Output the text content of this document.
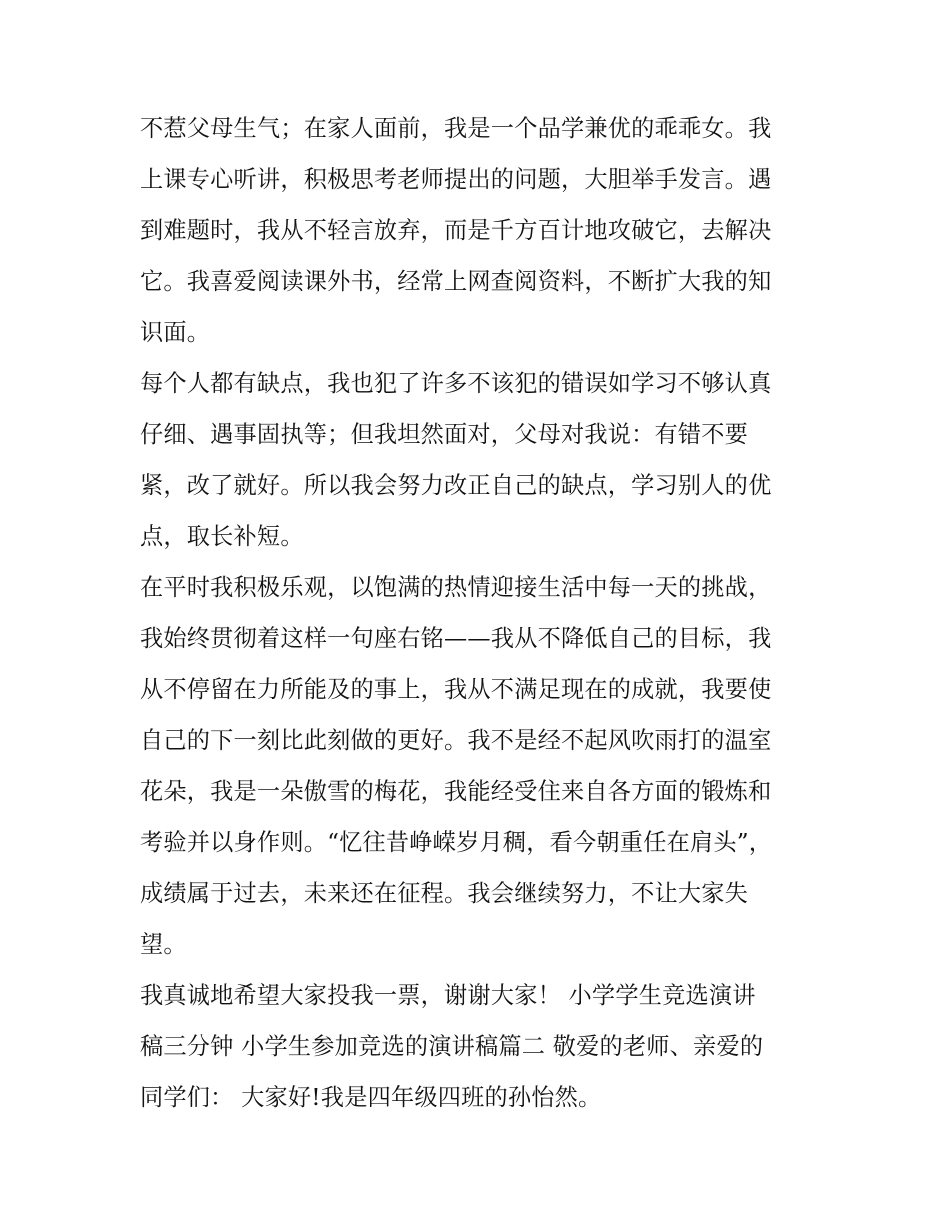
不惹父母生气；在家人面前，我是一个品学兼优的乖乖女。我
上课专心听讲，积极思考老师提出的问题，大胆举手发言。遇
到难题时，我从不轻言放弃，而是千方百计地攻破它，去解决
它。我喜爱阅读课外书，经常上网查阅资料，不断扩大我的知
识面。
每个人都有缺点，我也犯了许多不该犯的错误如学习不够认真
仔细、遇事固执等；但我坦然面对，父母对我说：有错不要
紧，改了就好。所以我会努力改正自己的缺点，学习别人的优
点，取长补短。
在平时我积极乐观，以饱满的热情迎接生活中每一天的挑战，
我始终贯彻着这样一句座右铭——我从不降低自己的目标，我
从不停留在力所能及的事上，我从不满足现在的成就，我要使
自己的下一刻比此刻做的更好。我不是经不起风吹雨打的温室
花朵，我是一朵傲雪的梅花，我能经受住来自各方面的锻炼和
考验并以身作则。“忆往昔峥嵘岁月稠，看今朝重任在肩头”，
成绩属于过去，未来还在征程。我会继续努力，不让大家失
望。
我真诚地希望大家投我一票，谢谢大家！ 小学学生竞选演讲
稿三分钟 小学生参加竞选的演讲稿篇二 敬爱的老师、亲爱的
同学们： 大家好!我是四年级四班的孙怡然。
